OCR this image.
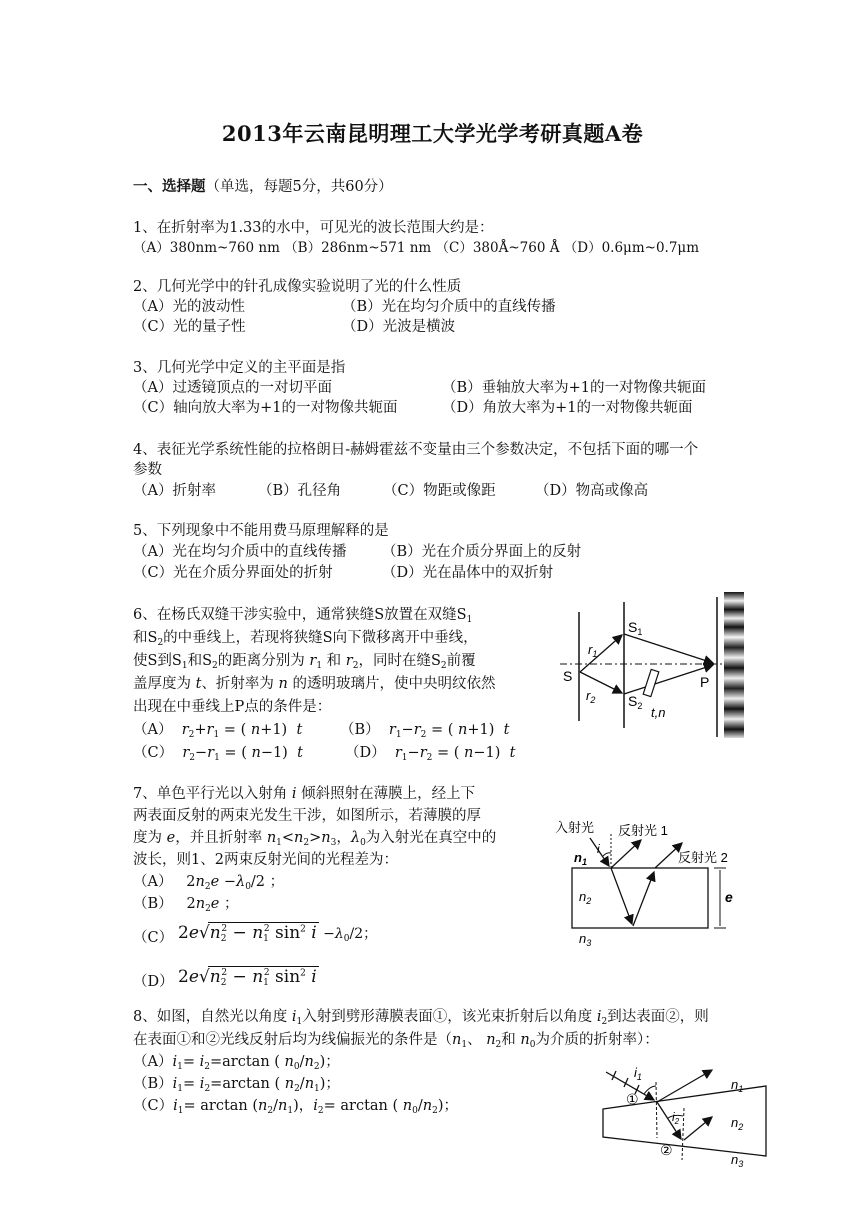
2013年云南昆明理工大学光学考研真题A卷
一、选择题（单选，每题5分，共60分）
1、在折射率为1.33的水中，可见光的波长范围大约是：
（A）380nm~760 nm （B）286nm~571 nm （C）380Å~760 Å （D）0.6μm~0.7μm
2、几何光学中的针孔成像实验说明了光的什么性质
（A）光的波动性	（B）光在均匀介质中的直线传播
（C）光的量子性	（D）光波是横波
3、几何光学中定义的主平面是指
（A）过透镜顶点的一对切平面	（B）垂轴放大率为+1的一对物像共轭面
（C）轴向放大率为+1的一对物像共轭面	（D）角放大率为+1的一对物像共轭面
4、表征光学系统性能的拉格朗日-赫姆霍兹不变量由三个参数决定，不包括下面的哪一个
参数
（A）折射率	（B）孔径角	（C）物距或像距	（D）物高或像高
5、下列现象中不能用费马原理解释的是
（A）光在均匀介质中的直线传播 （B）光在介质分界面上的反射
（C）光在介质分界面处的折射	（D）光在晶体中的双折射
6、在杨氏双缝干涉实验中，通常狭缝S放置在双缝$S_1$
和$S_2$的中垂线上，若现将狭缝S向下微移离开中垂线，
使S到$S_1$和$S_2$的距离分别为 $r_1$ 和 $r_2$，同时在缝$S_2$前覆
盖厚度为 t、折射率为 n 的透明玻璃片，使中央明纹依然
出现在中垂线上P点的条件是：
（A） $r_2+r_1$ = ( n+1)  t	（B） $r_1-r_2$ = ( n+1)  t
（C） $r_2-r_1$ = ( n−1)  t	（D） $r_1-r_2$ = ( n−1)  t
S
$S_1$
$S_2$
$r_1$
$r_2$
P
t,n
7、单色平行光以入射角 i 倾斜照射在薄膜上，经上下
两表面反射的两束光发生干涉，如图所示，若薄膜的厚
度为 e，并且折射率 $n_1<n_2>n_3$，$\lambda_0$为入射光在真空中的
波长，则1、2两束反射光间的光程差为：
（A）   $2n_2e -\lambda_0/2$ ；
（B）   $2n_2e$ ；
（C） $2e√n_2^2 - n_1^2$ $\sin^2 i -\lambda_0/2$；
（D） $2e√n_2^2 - n_1^2$ $\sin^2 i$
入射光 反射光 1
反射光 2
i
$n_1$
$n_2$
$n_3$
e
8、如图，自然光以角度 $i_1$入射到劈形薄膜表面①，该光束折射后以角度 $i_2$到达表面②，则
在表面①和②光线反射后均为线偏振光的条件是（$n_1$、 $n_2$和 $n_0$为介质的折射率）：
$(A)i_1= i_2=\arctan$ ( $n_0/n_2$)；
$(B)i_1= i_2=\arctan$ ( $n_2/n_1$)；
$(C)i_1= \arctan (n_2/n_1)$，$i_2= \arctan$ ( $n_0/n_2$)；
$i_1$
$i_2$
①
②
$n_1$
$n_2$
$n_3$
